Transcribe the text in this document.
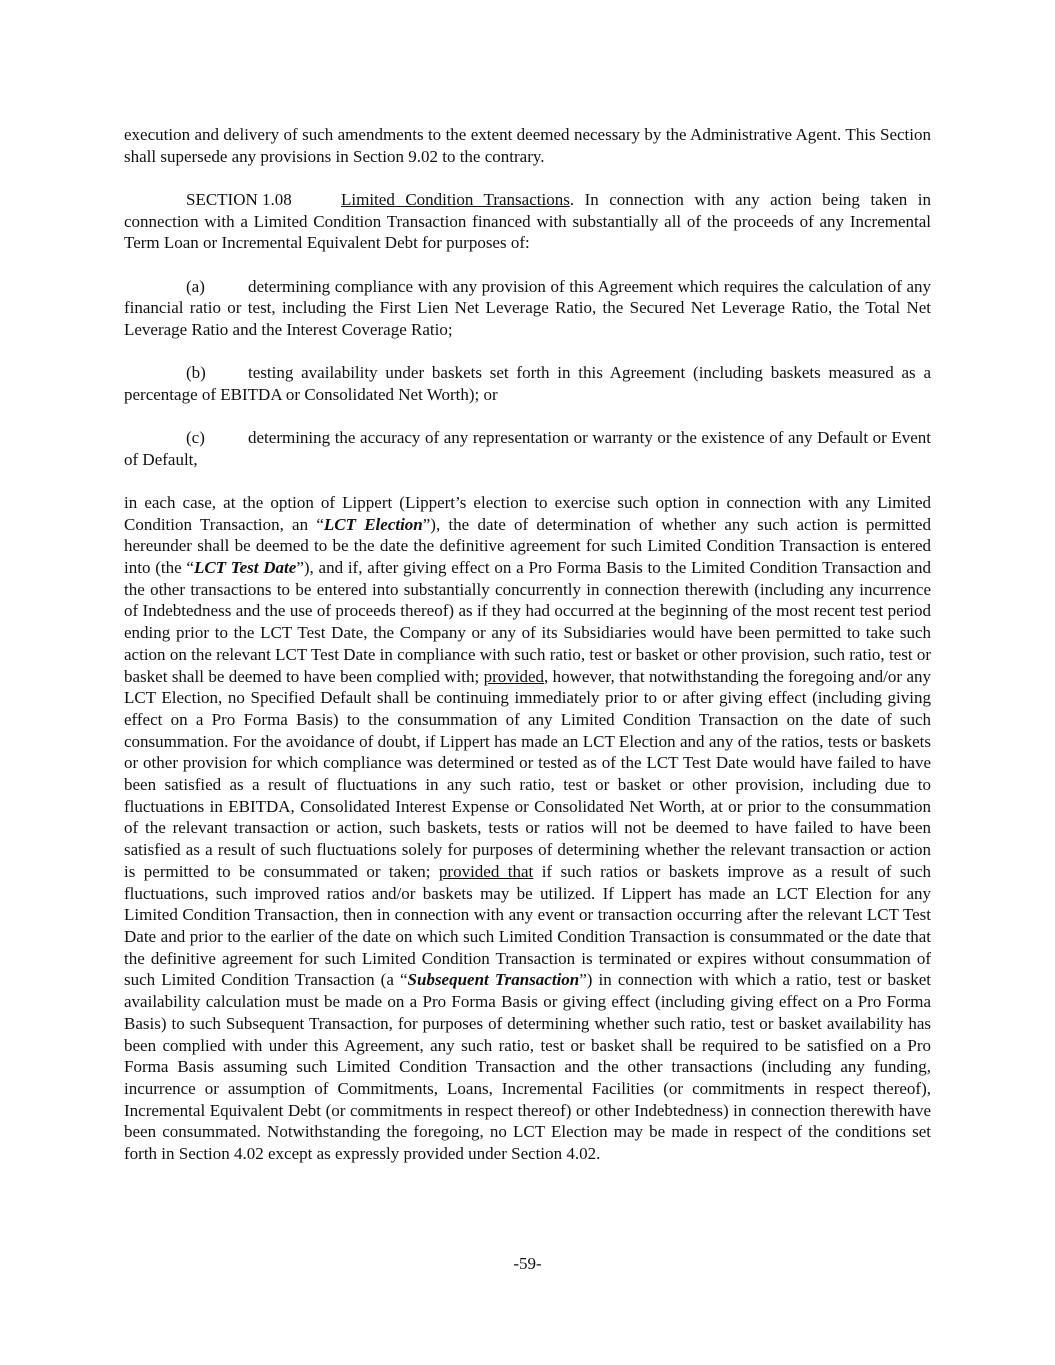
execution and delivery of such amendments to the extent deemed necessary by the Administrative Agent. This Section shall supersede any provisions in Section 9.02 to the contrary.

SECTION 1.08	Limited Condition Transactions. In connection with any action being taken in connection with a Limited Condition Transaction financed with substantially all of the proceeds of any Incremental Term Loan or Incremental Equivalent Debt for purposes of:

(a)	determining compliance with any provision of this Agreement which requires the calculation of any financial ratio or test, including the First Lien Net Leverage Ratio, the Secured Net Leverage Ratio, the Total Net Leverage Ratio and the Interest Coverage Ratio;

(b) testing availability under baskets set forth in this Agreement (including baskets measured as a percentage of EBITDA or Consolidated Net Worth); or

(c)	determining the accuracy of any representation or warranty or the existence of any Default or Event of Default,

in each case, at the option of Lippert (Lippert’s election to exercise such option in connection with any Limited Condition Transaction, an “LCT Election”), the date of determination of whether any such action is permitted hereunder shall be deemed to be the date the definitive agreement for such Limited Condition Transaction is entered into (the “LCT Test Date”), and if, after giving effect on a Pro Forma Basis to the Limited Condition Transaction and the other transactions to be entered into substantially concurrently in connection therewith (including any incurrence of Indebtedness and the use of proceeds thereof) as if they had occurred at the beginning of the most recent test period ending prior to the LCT Test Date, the Company or any of its Subsidiaries would have been permitted to take such action on the relevant LCT Test Date in compliance with such ratio, test or basket or other provision, such ratio, test or basket shall be deemed to have been complied with; provided, however, that notwithstanding the foregoing and/or any LCT Election, no Specified Default shall be continuing immediately prior to or after giving effect (including giving effect on a Pro Forma Basis) to the consummation of any Limited Condition Transaction on the date of such consummation. For the avoidance of doubt, if Lippert has made an LCT Election and any of the ratios, tests or baskets or other provision for which compliance was determined or tested as of the LCT Test Date would have failed to have been satisfied as a result of fluctuations in any such ratio, test or basket or other provision, including due to fluctuations in EBITDA, Consolidated Interest Expense or Consolidated Net Worth, at or prior to the consummation of the relevant transaction or action, such baskets, tests or ratios will not be deemed to have failed to have been satisfied as a result of such fluctuations solely for purposes of determining whether the relevant transaction or action is permitted to be consummated or taken; provided that if such ratios or baskets improve as a result of such fluctuations, such improved ratios and/or baskets may be utilized. If Lippert has made an LCT Election for any Limited Condition Transaction, then in connection with any event or transaction occurring after the relevant LCT Test Date and prior to the earlier of the date on which such Limited Condition Transaction is consummated or the date that the definitive agreement for such Limited Condition Transaction is terminated or expires without consummation of such Limited Condition Transaction (a “Subsequent Transaction”) in connection with which a ratio, test or basket availability calculation must be made on a Pro Forma Basis or giving effect (including giving effect on a Pro Forma Basis) to such Subsequent Transaction, for purposes of determining whether such ratio, test or basket availability has been complied with under this Agreement, any such ratio, test or basket shall be required to be satisfied on a Pro Forma Basis assuming such Limited Condition Transaction and the other transactions (including any funding, incurrence or assumption of Commitments, Loans, Incremental Facilities (or commitments in respect thereof), Incremental Equivalent Debt (or commitments in respect thereof) or other Indebtedness) in connection therewith have been consummated. Notwithstanding the foregoing, no LCT Election may be made in respect of the conditions set forth in Section 4.02 except as expressly provided under Section 4.02.

-59-
